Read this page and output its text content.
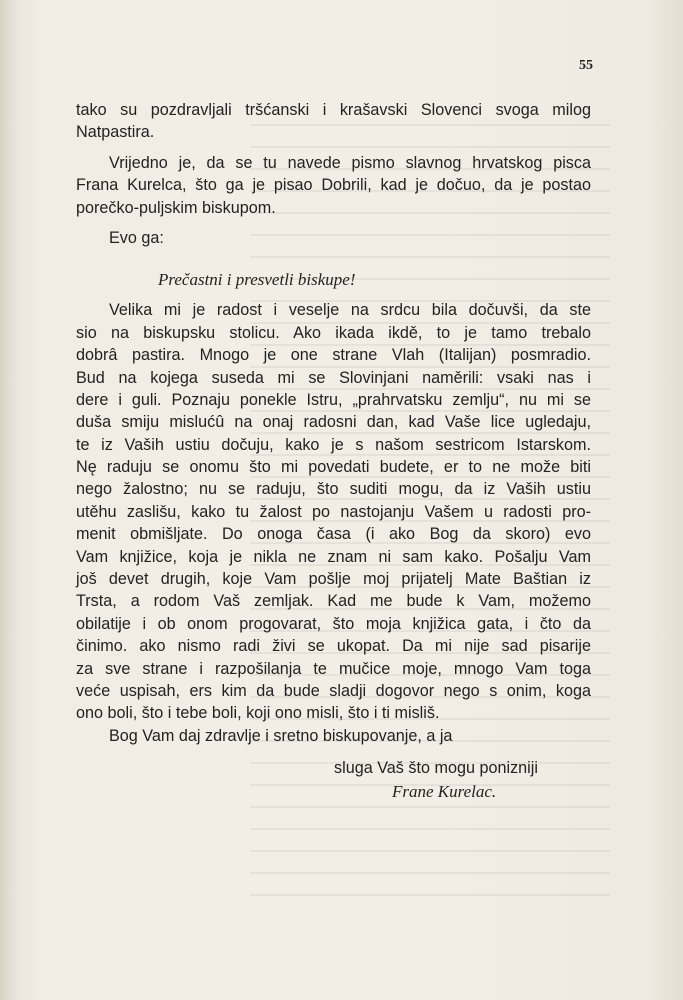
55
tako su pozdravljali tršćanski i krašavski Slovenci svoga milog
Natpastira.
Vrijedno je, da se tu navede pismo slavnog hrvatskog pisca
Frana Kurelca, što ga je pisao Dobrili, kad je dočuo, da je postao
porečko-puljskim biskupom.
Evo ga:
Prečastni i presvetli biskupe!
Velika mi je radost i veselje na srdcu bila dočuvši, da ste
sio na biskupsku stolicu. Ako ikada ikdě, to je tamo trebalo
dobrâ pastira. Mnogo je one strane Vlah (Italijan) posmradio.
Bud na kojega suseda mi se Slovinjani naměrili: vsaki nas i
dere i guli. Poznaju ponekle Istru, „prahrvatsku zemlju“, nu mi se
duša smiju mislućû na onaj radosni dan, kad Vaše lice ugledaju,
te iz Vaših ustiu dočuju, kako je s našom sestricom Istarskom.
Nę raduju se onomu što mi povedati budete, er to ne može biti
nego žalostno; nu se raduju, što suditi mogu, da iz Vaših ustiu
utěhu zaslišu, kako tu žalost po nastojanju Vašem u radosti pro-
menit obmišljate. Do onoga časa (i ako Bog da skoro) evo
Vam knjižice, koja je nikla ne znam ni sam kako. Pošalju Vam
još devet drugih, koje Vam pošlje moj prijatelj Mate Baštian iz
Trsta, a rodom Vaš zemljak. Kad me bude k Vam, možemo
obilatije i ob onom progovarat, što moja knjižica gata, i čto da
činimo. ako nismo radi živi se ukopat. Da mi nije sad pisarije
za sve strane i razpošilanja te mučice moje, mnogo Vam toga
veće uspisah, ers kim da bude sladji dogovor nego s onim, koga
ono boli, što i tebe boli, koji ono misli, što i ti misliš.
Bog Vam daj zdravlje i sretno biskupovanje, a ja
sluga Vaš što mogu ponizniji
Frane Kurelac.
